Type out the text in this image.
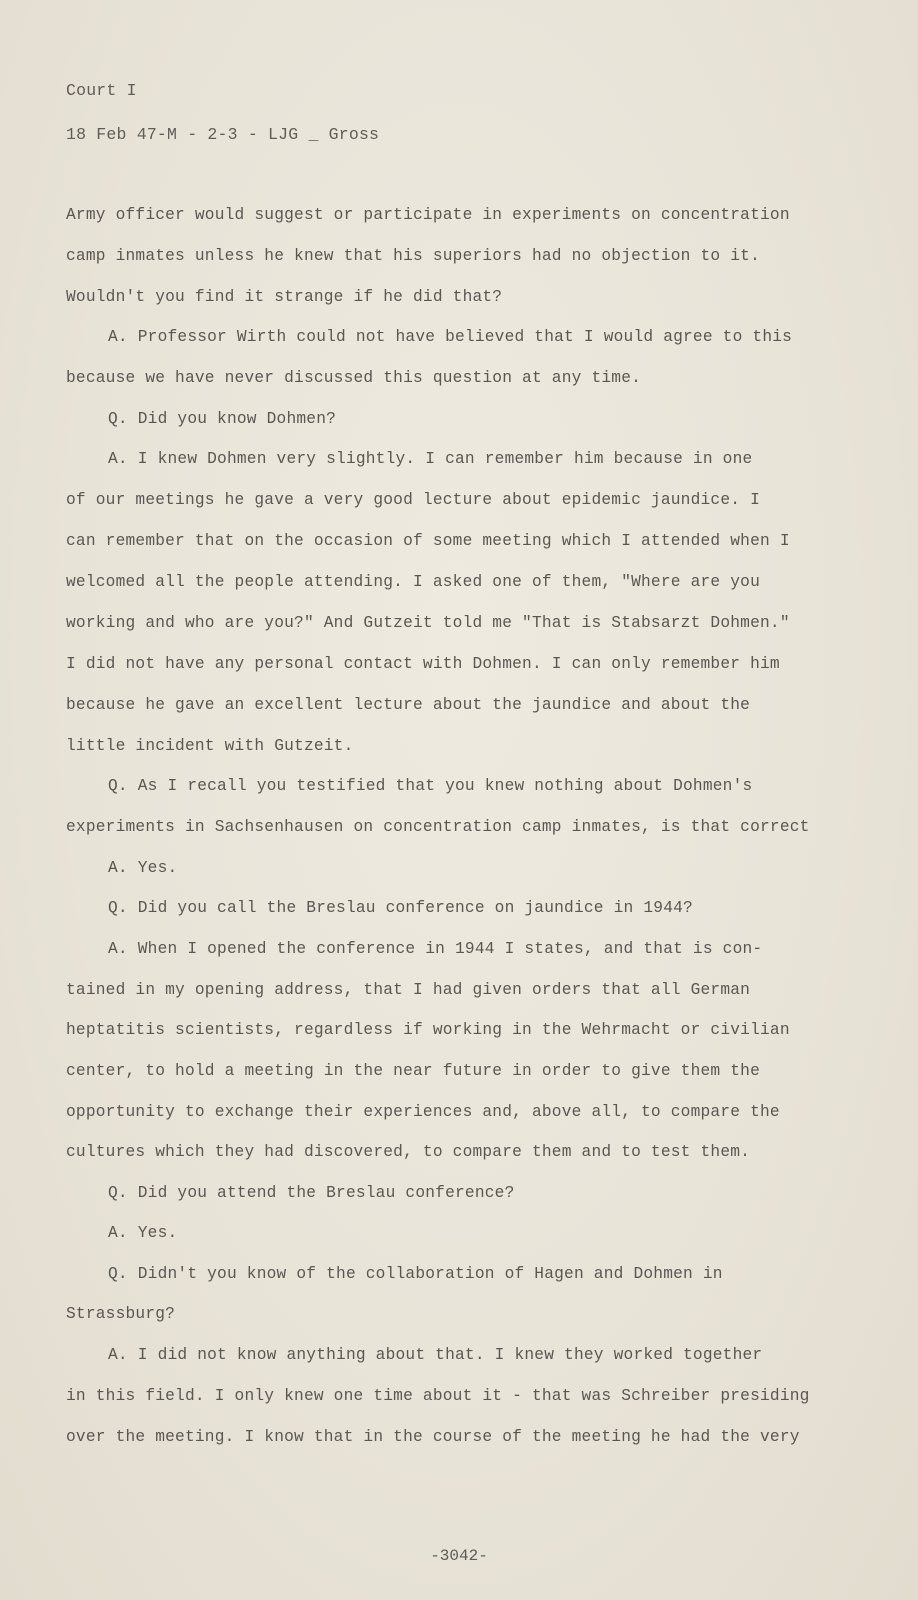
Court I
18 Feb 47-M - 2-3 - LJG _ Gross
Army officer would suggest or participate in experiments on concentration
camp inmates unless he knew that his superiors had no objection to it.
Wouldn't you find it strange if he did that?
A. Professor Wirth could not have believed that I would agree to this
because we have never discussed this question at any time.
Q. Did you know Dohmen?
A. I knew Dohmen very slightly. I can remember him because in one
of our meetings he gave a very good lecture about epidemic jaundice. I
can remember that on the occasion of some meeting which I attended when I
welcomed all the people attending. I asked one of them, "Where are you
working and who are you?" And Gutzeit told me "That is Stabsarzt Dohmen."
I did not have any personal contact with Dohmen. I can only remember him
because he gave an excellent lecture about the jaundice and about the
little incident with Gutzeit.
Q. As I recall you testified that you knew nothing about Dohmen's
experiments in Sachsenhausen on concentration camp inmates, is that correct
A. Yes.
Q. Did you call the Breslau conference on jaundice in 1944?
A. When I opened the conference in 1944 I states, and that is con-
tained in my opening address, that I had given orders that all German
heptatitis scientists, regardless if working in the Wehrmacht or civilian
center, to hold a meeting in the near future in order to give them the
opportunity to exchange their experiences and, above all, to compare the
cultures which they had discovered, to compare them and to test them.
Q. Did you attend the Breslau conference?
A. Yes.
Q. Didn't you know of the collaboration of Hagen and Dohmen in
Strassburg?
A. I did not know anything about that. I knew they worked together
in this field. I only knew one time about it - that was Schreiber presiding
over the meeting. I know that in the course of the meeting he had the very
-3042-
